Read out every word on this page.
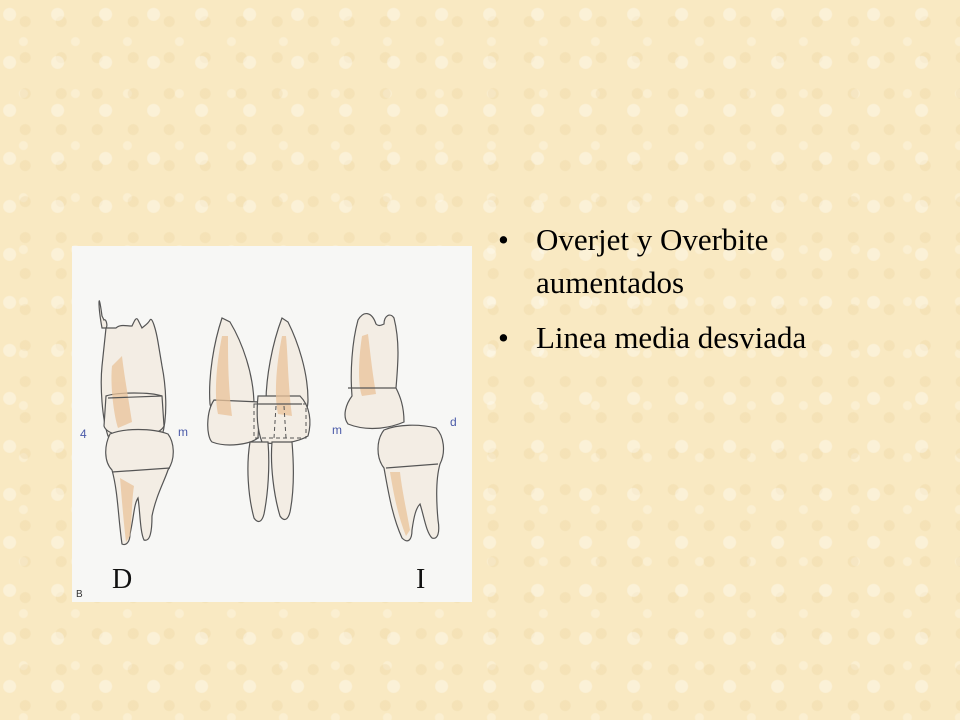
4	m	m
d
D	I
B
• Overjet y Overbite aumentados
• Linea media desviada
